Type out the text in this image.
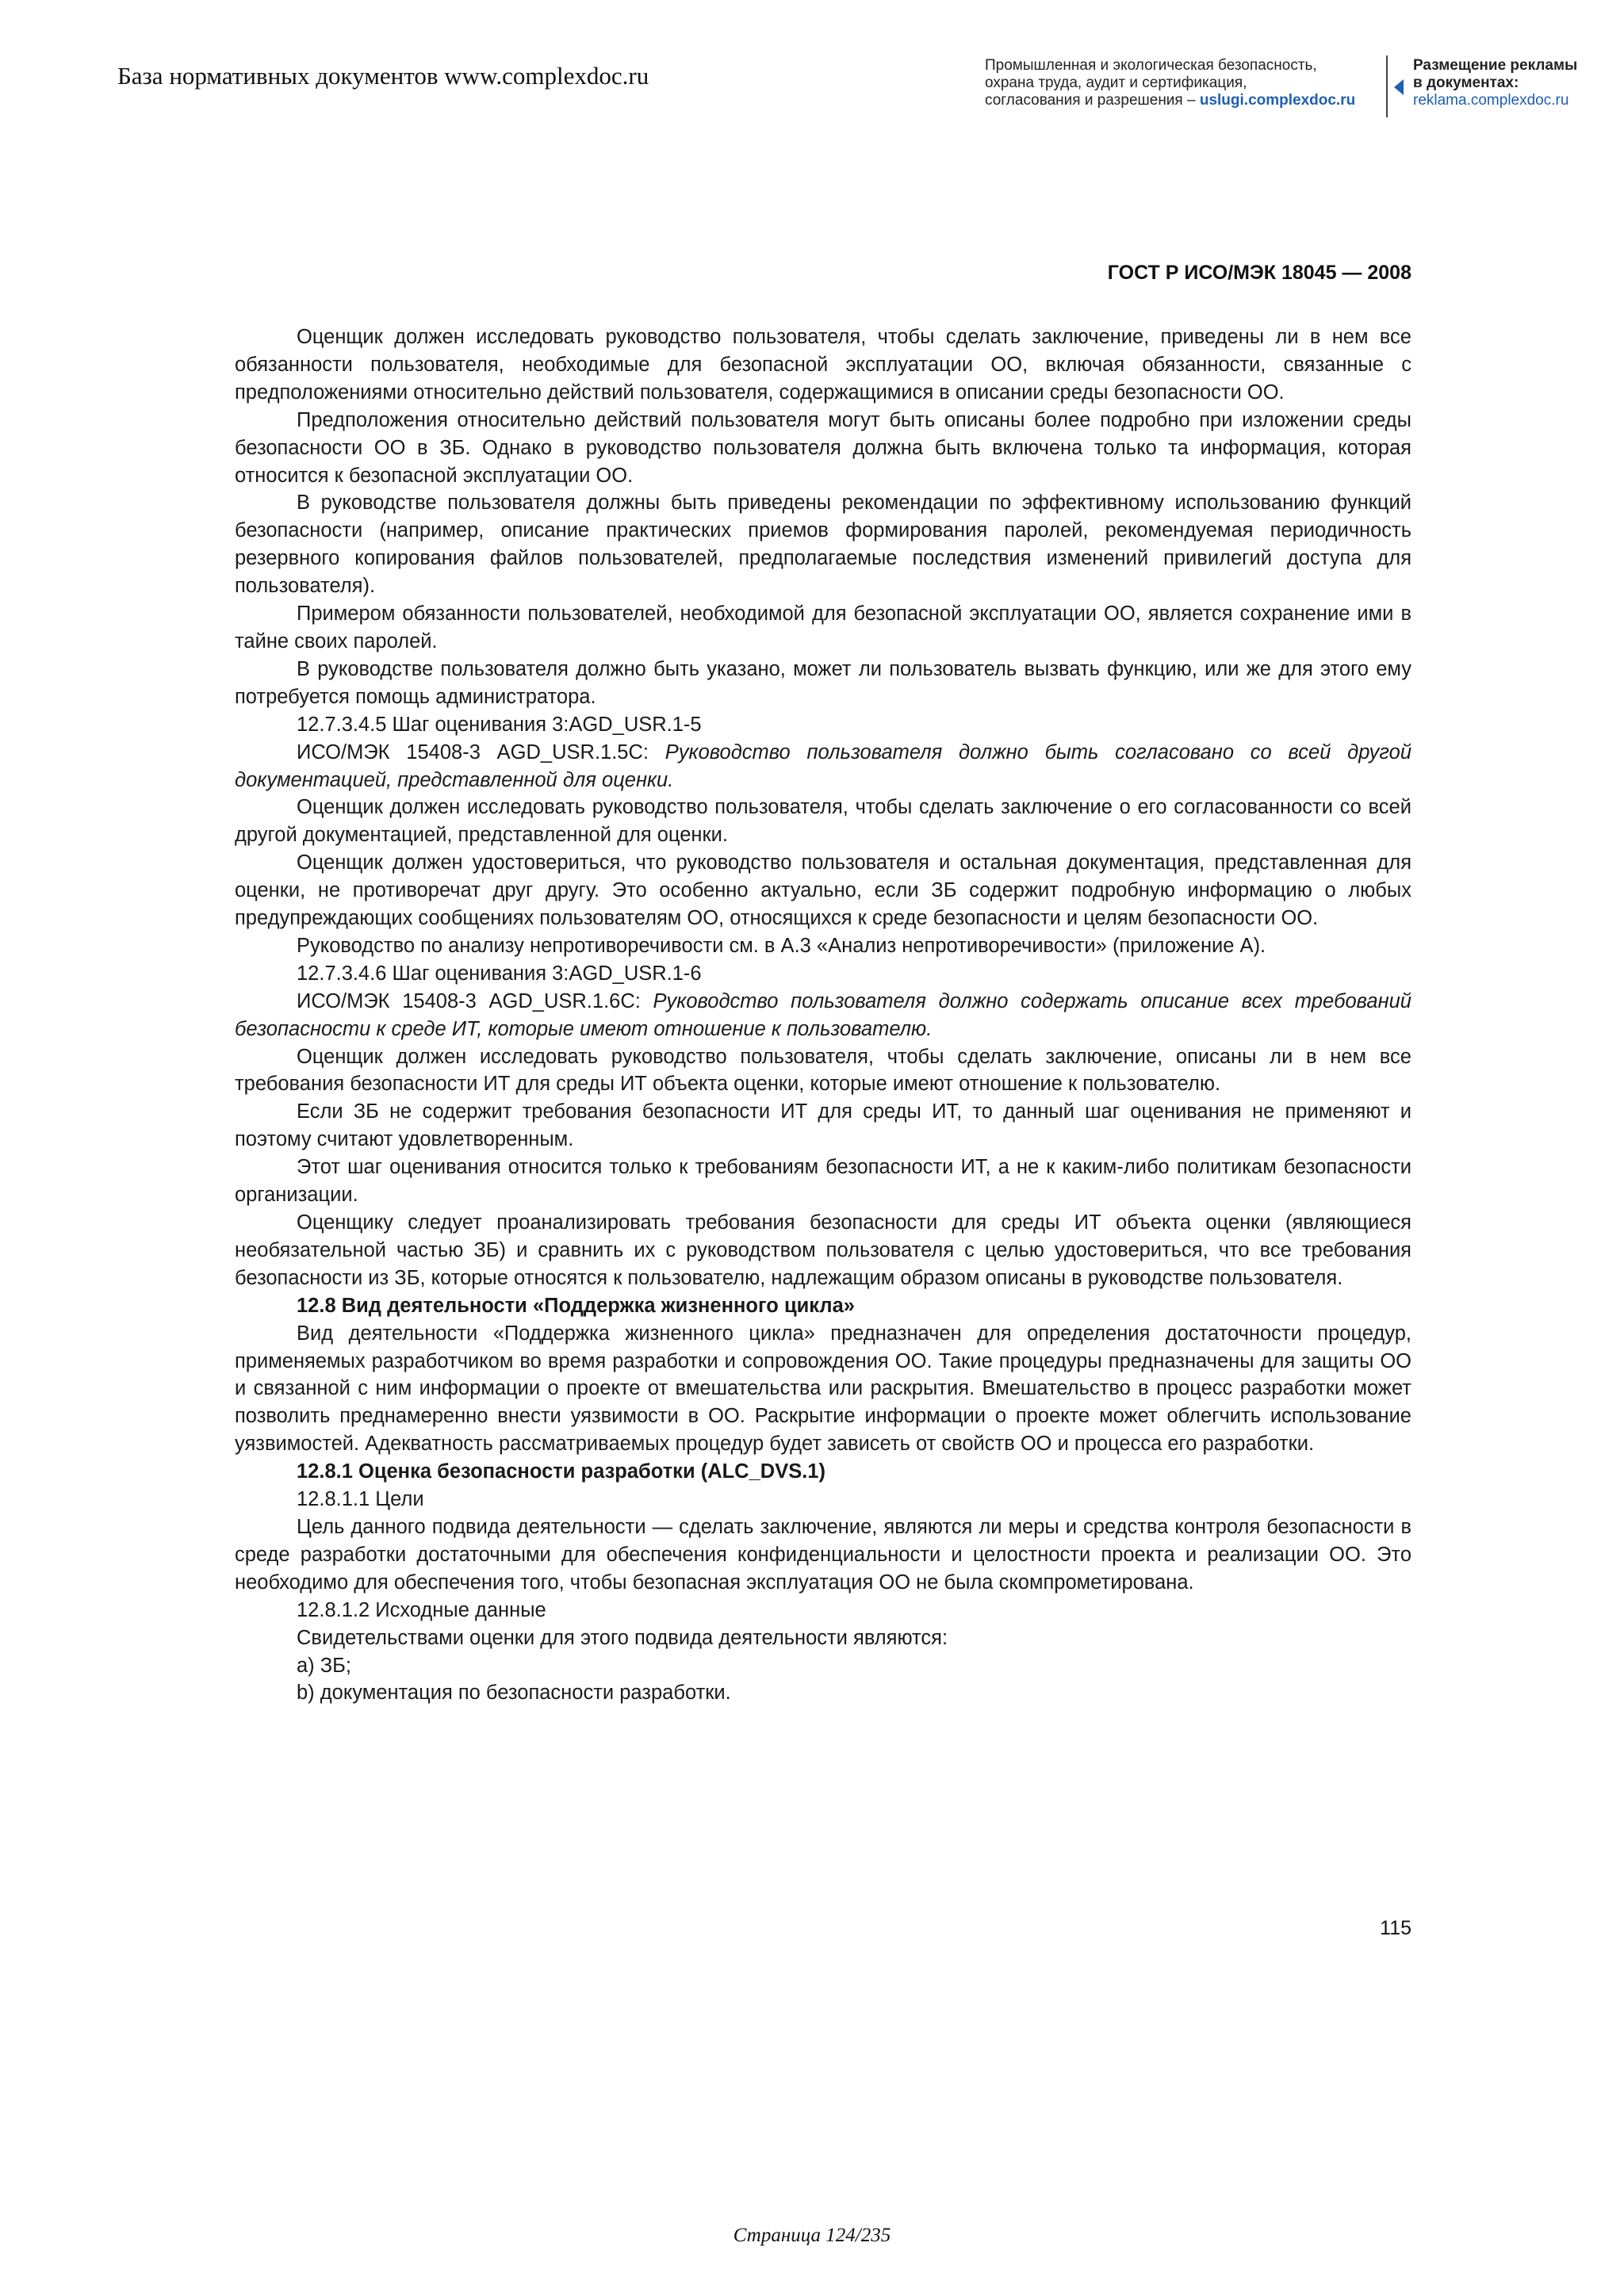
База нормативных документов www.complexdoc.ru	Промышленная и экологическая безопасность,
охрана труда, аудит и сертификация,
согласования и разрешения – uslugi.complexdoc.ru
Размещение рекламы
в документах:
reklama.complexdoc.ru
ГОСТ Р ИСО/МЭК 18045 — 2008

Оценщик должен исследовать руководство пользователя, чтобы сделать заключение, приведены ли в нем все обязанности пользователя, необходимые для безопасной эксплуатации ОО, включая обязанности, связанные с предположениями относительно действий пользователя, содержащимися в описании среды безопасности ОО.

Предположения относительно действий пользователя могут быть описаны более подробно при изложении среды безопасности ОО в ЗБ. Однако в руководство пользователя должна быть включена только та информация, которая относится к безопасной эксплуатации ОО.

В руководстве пользователя должны быть приведены рекомендации по эффективному использованию функций безопасности (например, описание практических приемов формирования паролей, рекомендуемая периодичность резервного копирования файлов пользователей, предполагаемые последствия изменений привилегий доступа для пользователя).

Примером обязанности пользователей, необходимой для безопасной эксплуатации ОО, является сохранение ими в тайне своих паролей.

В руководстве пользователя должно быть указано, может ли пользователь вызвать функцию, или же для этого ему потребуется помощь администратора.

12.7.3.4.5 Шаг оценивания 3:AGD_USR.1-5

ИСО/МЭК 15408-3 AGD_USR.1.5C: Руководство пользователя должно быть согласовано со всей другой документацией, представленной для оценки.

Оценщик должен исследовать руководство пользователя, чтобы сделать заключение о его согласованности со всей другой документацией, представленной для оценки.

Оценщик должен удостовериться, что руководство пользователя и остальная документация, представленная для оценки, не противоречат друг другу. Это особенно актуально, если ЗБ содержит подробную информацию о любых предупреждающих сообщениях пользователям ОО, относящихся к среде безопасности и целям безопасности ОО.

Руководство по анализу непротиворечивости см. в А.3 «Анализ непротиворечивости» (приложение А).

12.7.3.4.6 Шаг оценивания 3:AGD_USR.1-6

ИСО/МЭК 15408-3 AGD_USR.1.6C: Руководство пользователя должно содержать описание всех требований безопасности к среде ИТ, которые имеют отношение к пользователю.

Оценщик должен исследовать руководство пользователя, чтобы сделать заключение, описаны ли в нем все требования безопасности ИТ для среды ИТ объекта оценки, которые имеют отношение к пользователю.

Если ЗБ не содержит требования безопасности ИТ для среды ИТ, то данный шаг оценивания не применяют и поэтому считают удовлетворенным.

Этот шаг оценивания относится только к требованиям безопасности ИТ, а не к каким-либо политикам безопасности организации.

Оценщику следует проанализировать требования безопасности для среды ИТ объекта оценки (являющиеся необязательной частью ЗБ) и сравнить их с руководством пользователя с целью удостовериться, что все требования безопасности из ЗБ, которые относятся к пользователю, надлежащим образом описаны в руководстве пользователя.

12.8 Вид деятельности «Поддержка жизненного цикла»

Вид деятельности «Поддержка жизненного цикла» предназначен для определения достаточности процедур, применяемых разработчиком во время разработки и сопровождения ОО. Такие процедуры предназначены для защиты ОО и связанной с ним информации о проекте от вмешательства или раскрытия. Вмешательство в процесс разработки может позволить преднамеренно внести уязвимости в ОО. Раскрытие информации о проекте может облегчить использование уязвимостей. Адекватность рассматриваемых процедур будет зависеть от свойств ОО и процесса его разработки.

12.8.1 Оценка безопасности разработки (ALC_DVS.1)

12.8.1.1 Цели

Цель данного подвида деятельности — сделать заключение, являются ли меры и средства контроля безопасности в среде разработки достаточными для обеспечения конфиденциальности и целостности проекта и реализации ОО. Это необходимо для обеспечения того, чтобы безопасная эксплуатация ОО не была скомпрометирована.

12.8.1.2 Исходные данные

Свидетельствами оценки для этого подвида деятельности являются:

a) ЗБ;

b) документация по безопасности разработки.

115
Страница 124/235
